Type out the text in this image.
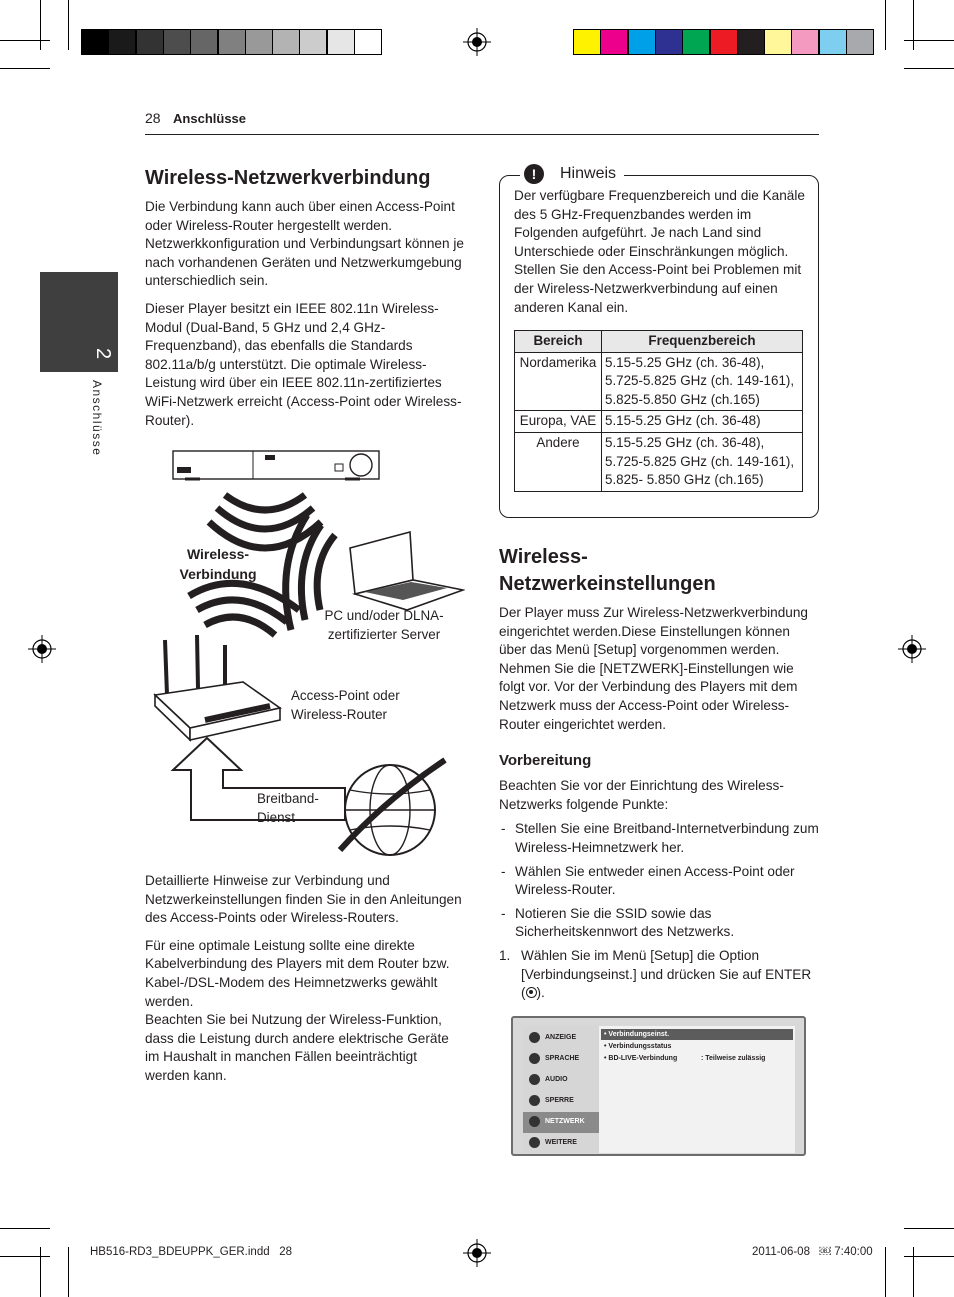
28 Anschlüsse
2
Anschlüsse
Wireless-Netzwerkverbindung

Die Verbindung kann auch über einen Access-Point oder Wireless-Router hergestellt werden. Netzwerkkonfiguration und Verbindungsart können je nach vorhandenen Geräten und Netzwerkumgebung unterschiedlich sein.

Dieser Player besitzt ein IEEE 802.11n Wireless-Modul (Dual-Band, 5 GHz und 2,4 GHz-Frequenzband), das ebenfalls die Standards 802.11a/b/g unterstützt. Die optimale Wireless-Leistung wird über ein IEEE 802.11n-zertifiziertes WiFi-Netzwerk erreicht (Access-Point oder Wireless-Router).

Wireless-
Verbindung
PC und/oder DLNA-
zertifizierter Server
Access-Point oder
Wireless-Router
Breitband-
Dienst

Detaillierte Hinweise zur Verbindung und Netzwerkeinstellungen finden Sie in den Anleitungen des Access-Points oder Wireless-Routers.

Für eine optimale Leistung sollte eine direkte Kabelverbindung des Players mit dem Router bzw. Kabel-/DSL-Modem des Heimnetzwerks gewählt werden.

Beachten Sie bei Nutzung der Wireless-Funktion, dass die Leistung durch andere elektrische Geräte im Haushalt in manchen Fällen beeinträchtigt werden kann.

!	Hinweis
Der verfügbare Frequenzbereich und die Kanäle des 5 GHz-Frequenzbandes werden im Folgenden aufgeführt. Je nach Land sind Unterschiede oder Einschränkungen möglich. Stellen Sie den Access-Point bei Problemen mit der Wireless-Netzwerkverbindung auf einen anderen Kanal ein.
Bereich	Frequenzbereich
Nordamerika	5.15-5.25 GHz (ch. 36-48),
5.725-5.825 GHz (ch. 149-161),
5.825-5.850 GHz (ch.165)

Europa, VAE	5.15-5.25 GHz (ch. 36-48)

Andere	5.15-5.25 GHz (ch. 36-48),
5.725-5.825 GHz (ch. 149-161),
5.825- 5.850 GHz (ch.165)
Wireless-
Netzwerkeinstellungen

Der Player muss Zur Wireless-Netzwerkverbindung eingerichtet werden.Diese Einstellungen können über das Menü [Setup] vorgenommen werden. Nehmen Sie die [NETZWERK]-Einstellungen wie folgt vor. Vor der Verbindung des Players mit dem Netzwerk muss der Access-Point oder Wireless-Router eingerichtet werden.

Vorbereitung

Beachten Sie vor der Einrichtung des Wireless-Netzwerks folgende Punkte:

- Stellen Sie eine Breitband-Internetverbindung zum Wireless-Heimnetzwerk her.
- Wählen Sie entweder einen Access-Point oder Wireless-Router.
- Notieren Sie die SSID sowie das Sicherheitskennwort des Netzwerks.
1. Wählen Sie im Menü [Setup] die Option [Verbindungseinst.] und drücken Sie auf ENTER ( ).
ANZEIGE
SPRACHE
AUDIO
SPERRE
NETZWERK
WEITERE
• Verbindungseinst.
• Verbindungsstatus
• BD-LIVE-Verbindung	: Teilweise zulässig
HB516-RD3_BDEUPPK_GER.indd   28	2011-06-08   ￼ 7:40:00
